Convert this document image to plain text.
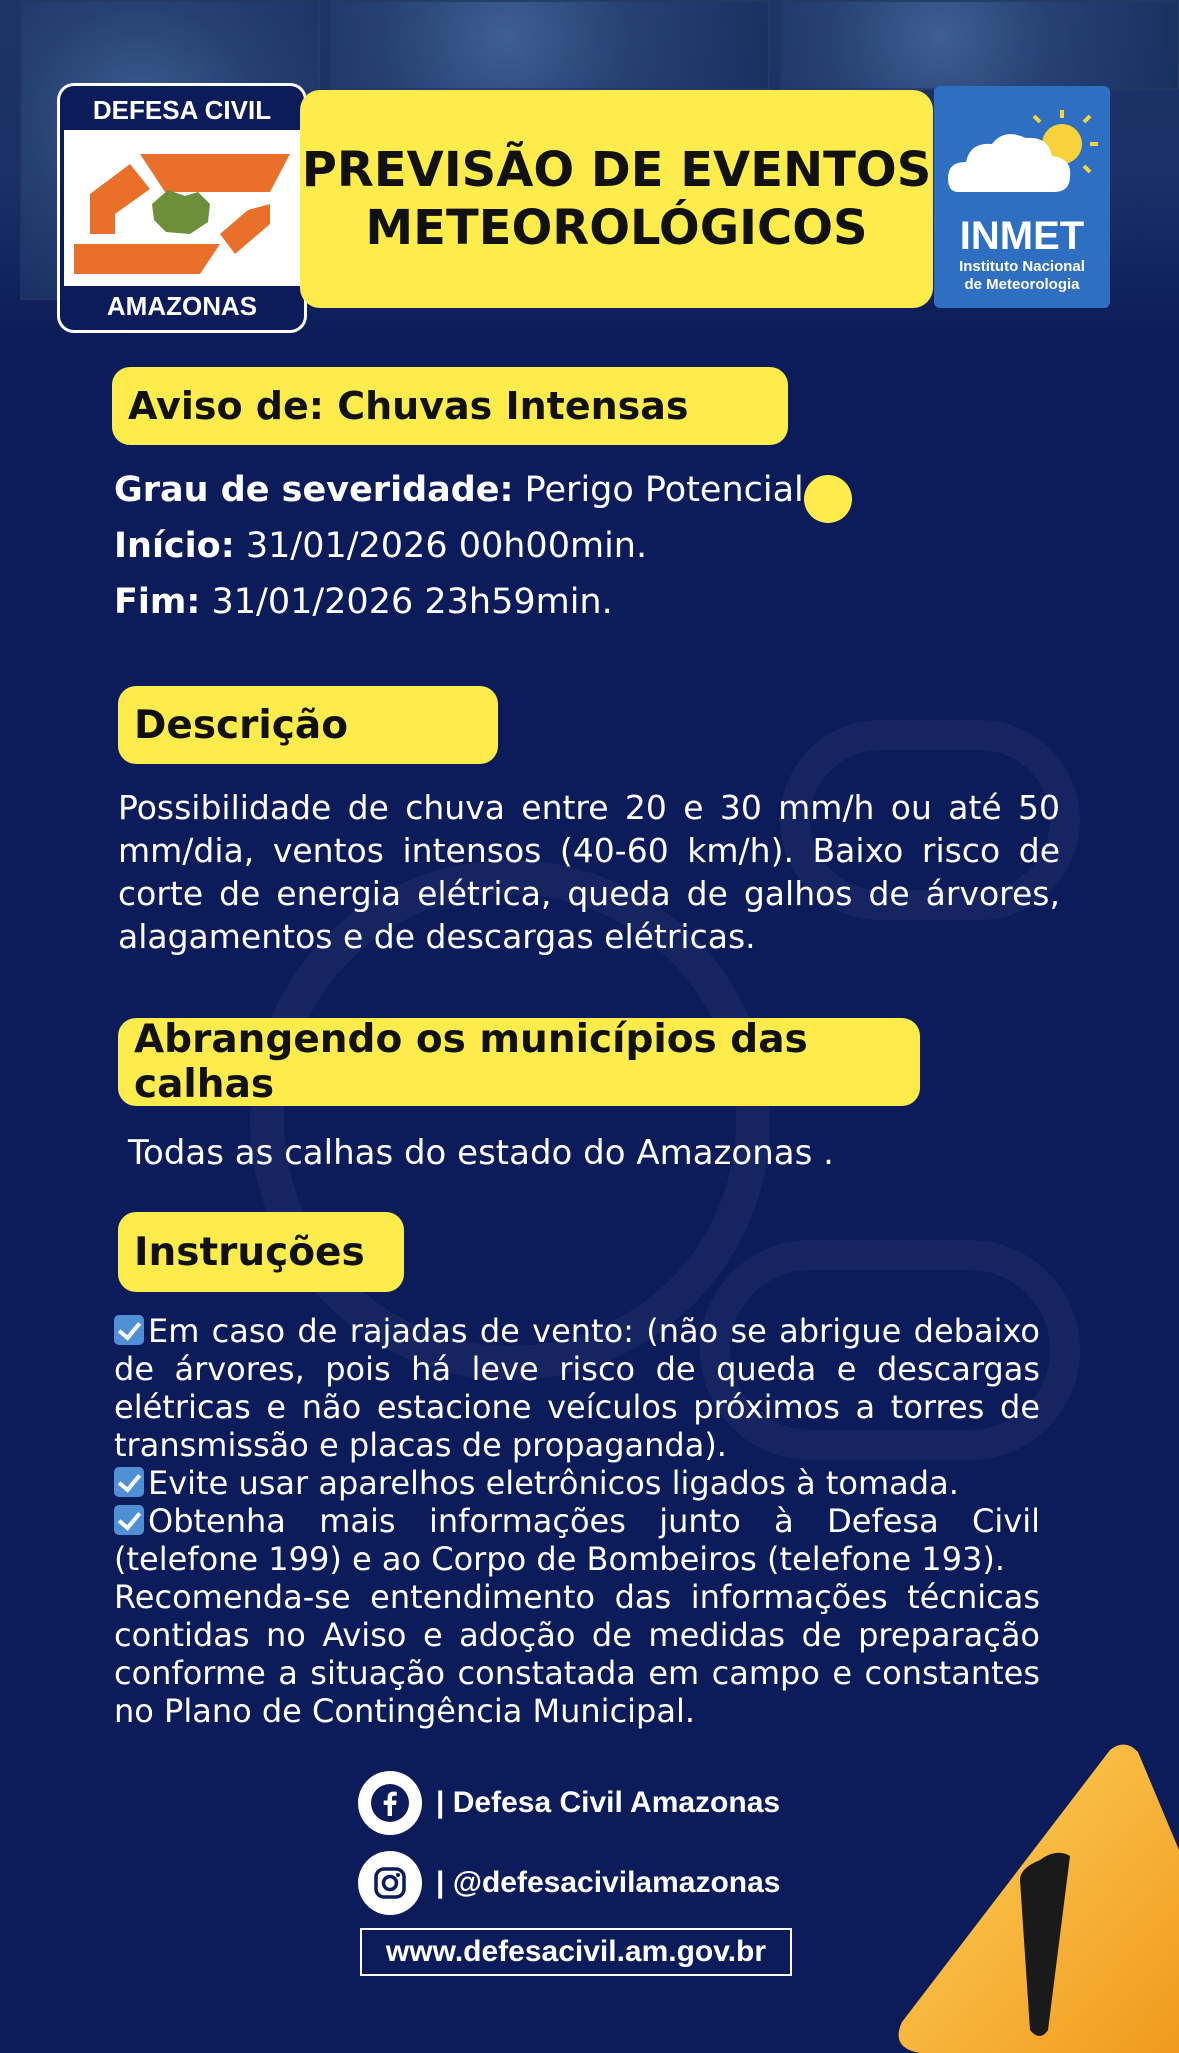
DEFESA CIVIL
AMAZONAS
PREVISÃO DE EVENTOS
METEOROLÓGICOS	INMET
Instituto Nacional
de Meteorologia
Aviso de: Chuvas Intensas
Grau de severidade: Perigo Potencial
Início: 31/01/2026 00h00min.
Fim: 31/01/2026 23h59min.
Descrição
Possibilidade de chuva entre 20 e 30 mm/h ou até 50 mm/dia, ventos intensos (40-60 km/h). Baixo risco de corte de energia elétrica, queda de galhos de árvores, alagamentos e de descargas elétricas.
Abrangendo os municípios das calhas
Todas as calhas do estado do Amazonas .
Instruções
Em caso de rajadas de vento: (não se abrigue debaixo de árvores, pois há leve risco de queda e descargas elétricas e não estacione veículos próximos a torres de transmissão e placas de propaganda).
Evite usar aparelhos eletrônicos ligados à tomada.
Obtenha mais informações junto à Defesa Civil (telefone 199) e ao Corpo de Bombeiros (telefone 193).
Recomenda-se entendimento das informações técnicas contidas no Aviso e adoção de medidas de preparação conforme a situação constatada em campo e constantes no Plano de Contingência Municipal.
| Defesa Civil Amazonas
| @defesacivilamazonas
www.defesacivil.am.gov.br
